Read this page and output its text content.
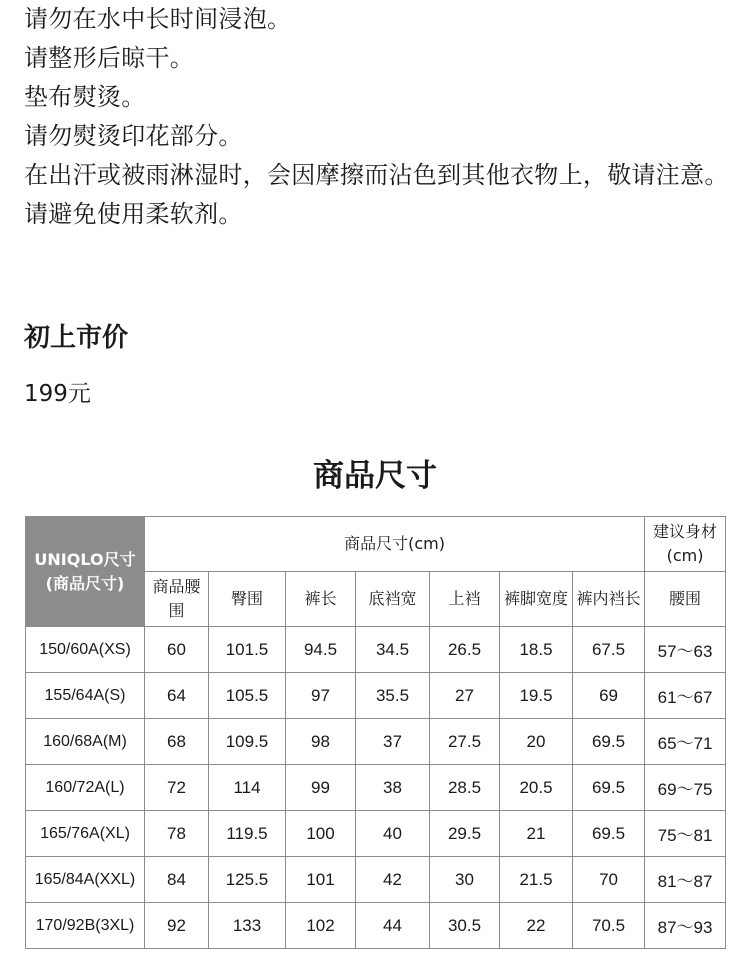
请勿在水中长时间浸泡。

请整形后晾干。

垫布熨烫。

请勿熨烫印花部分。

在出汗或被雨淋湿时，会因摩擦而沾色到其他衣物上，敬请注意。

请避免使用柔软剂。

初上市价

199元

商品尺寸
UNIQLO尺寸
(商品尺寸)	商品尺寸(cm)							建议身材(cm)
	商品腰围	臀围	裤长	底裆宽	上裆	裤脚宽度	裤内裆长	腰围
150/60A(XS)	60	101.5	94.5	34.5	26.5	18.5	67.5	57～63
155/64A(S)	64	105.5	97	35.5	27	19.5	69	61～67
160/68A(M)	68	109.5	98	37	27.5	20	69.5	65～71
160/72A(L)	72	114	99	38	28.5	20.5	69.5	69～75
165/76A(XL)	78	119.5	100	40	29.5	21	69.5	75～81
165/84A(XXL)	84	125.5	101	42	30	21.5	70	81～87
170/92B(3XL)	92	133	102	44	30.5	22	70.5	87～93
